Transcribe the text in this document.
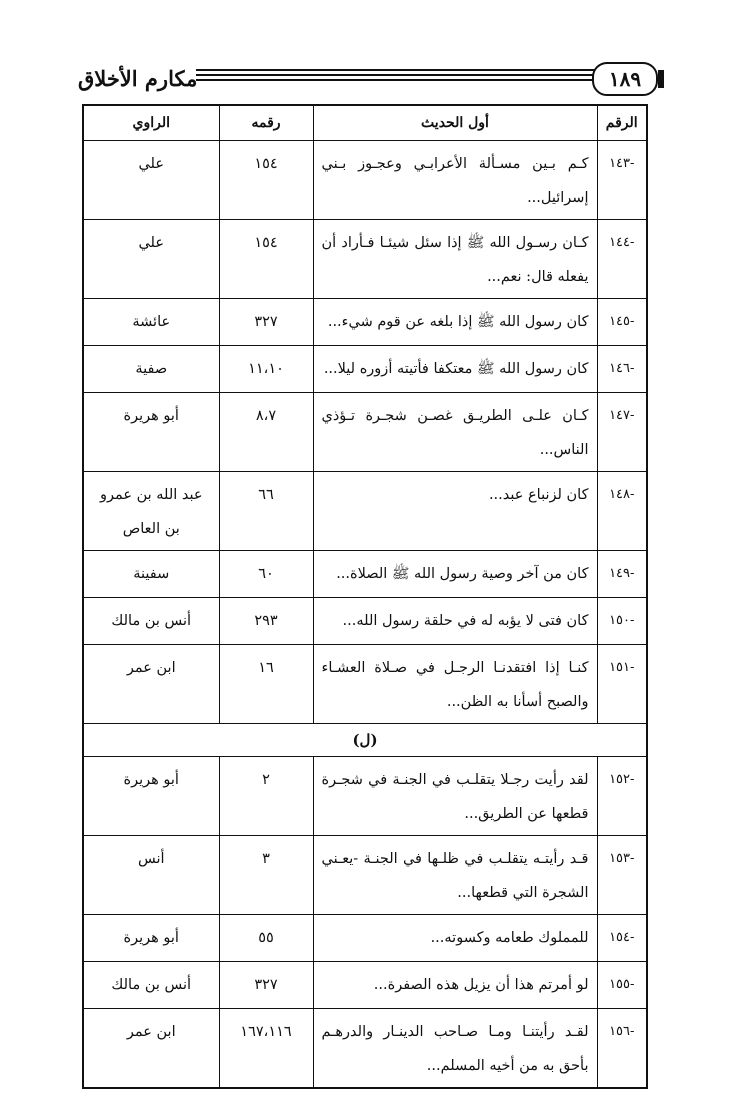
مكارم الأخلاق	١٨٩
الرقم	أول الحديث	رقمه	الراوي

-١٤٣	كـم بـين مسـألة الأعرابـي وعجـوز بـني إسرائيل...	١٥٤	علي

-١٤٤	كـان رسـول الله ﷺ إذا سئل شيئـا فـأراد أن يفعله قال: نعم...	١٥٤	علي

-١٤٥	كان رسول الله ﷺ إذا بلغه عن قوم شيء...	٣٢٧	عائشة

-١٤٦	كان رسول الله ﷺ معتكفا فأتيته أزوره ليلا...	١١،١٠	صفية

-١٤٧	كـان علـى الطريـق غصـن شجـرة تـؤذي الناس...	٨،٧	أبو هريرة

-١٤٨	كان لزنباع عبد...	٦٦	عبد الله بن عمرو بن العاص

-١٤٩	كان من آخر وصية رسول الله ﷺ الصلاة...	٦٠	سفينة

-١٥٠	كان فتى لا يؤبه له في حلقة رسول الله...	٢٩٣	أنس بن مالك

-١٥١	كنـا إذا افتقدنـا الرجـل في صـلاة العشـاء والصبح أسأنا به الظن...	١٦	ابن عمر

(ل)			

-١٥٢	لقد رأيت رجـلا يتقلـب في الجنـة في شجـرة قطعها عن الطريق...	٢	أبو هريرة

-١٥٣	قـد رأيتـه يتقلـب في ظلـها في الجنـة -يعـني الشجرة التي قطعها...	٣	أنس

-١٥٤	للمملوك طعامه وكسوته...	٥٥	أبو هريرة

-١٥٥	لو أمرتم هذا أن يزيل هذه الصفرة...	٣٢٧	أنس بن مالك

-١٥٦	لقـد رأيتنـا ومـا صـاحب الدينـار والدرهـم بأحق به من أخيه المسلم...	١٦٧،١١٦	ابن عمر
